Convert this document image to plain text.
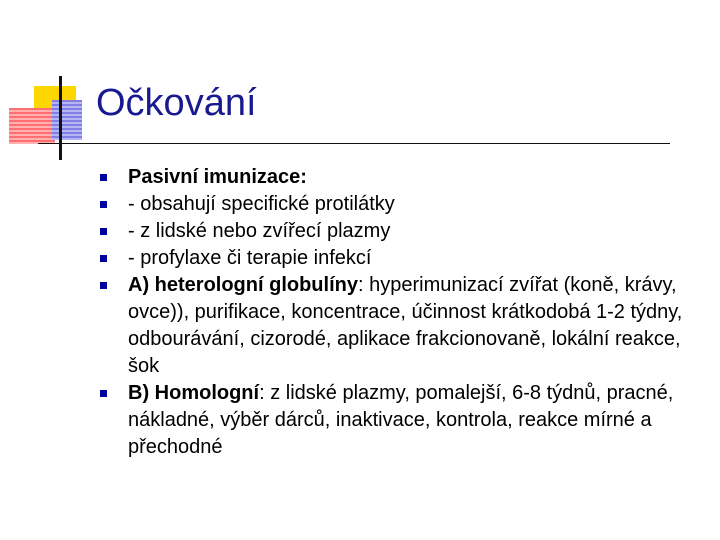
Očkování
Pasivní imunizace:
- obsahují specifické protilátky
- z lidské nebo zvířecí plazmy
- profylaxe či terapie infekcí
A) heterologní globulíny: hyperimunizací zvířat (koně, krávy, ovce)), purifikace, koncentrace, účinnost krátkodobá 1-2 týdny, odbourávání, cizorodé, aplikace frakcionovaně, lokální reakce, šok
B) Homologní: z lidské plazmy, pomalejší, 6-8 týdnů, pracné, nákladné, výběr dárců, inaktivace, kontrola, reakce mírné a přechodné
